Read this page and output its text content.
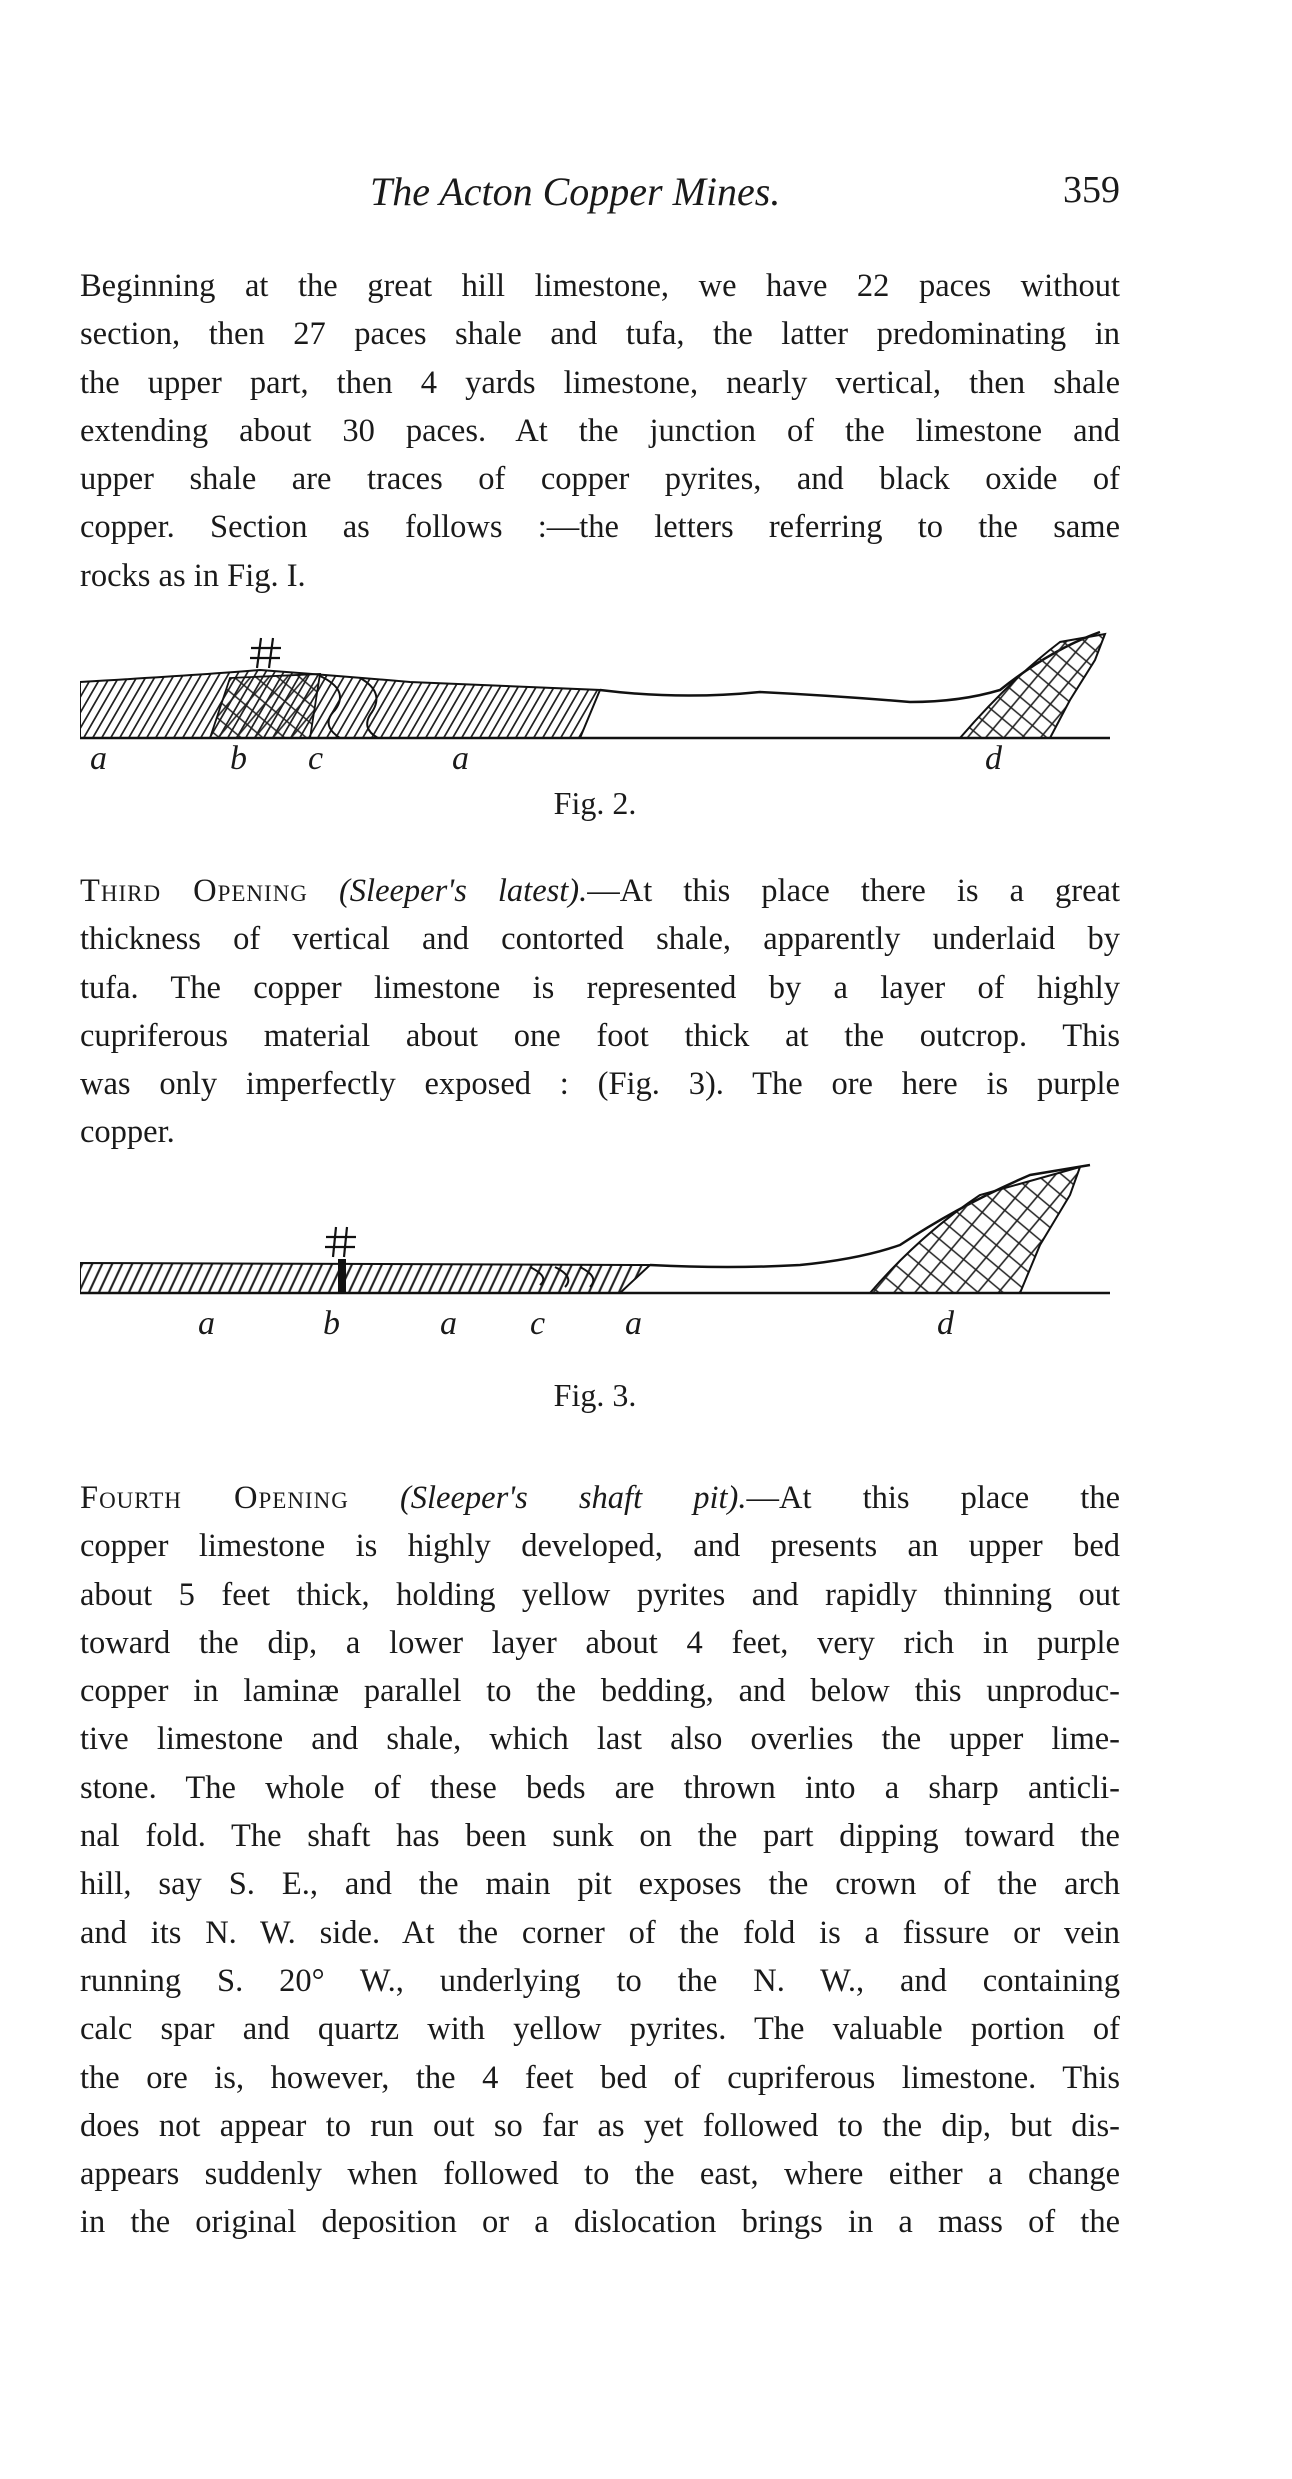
The Acton Copper Mines.	359
Beginning at the great hill limestone, we have 22 paces without
section, then 27 paces shale and tufa, the latter predominating in
the upper part, then 4 yards limestone, nearly vertical, then shale
extending about 30 paces. At the junction of the limestone and
upper shale are traces of copper pyrites, and black oxide of
copper. Section as follows :—the letters referring to the same
rocks as in Fig. I.
a	b c	a	d
Fig. 2.
Third Opening (Sleeper's latest).—At this place there is a great
thickness of vertical and contorted shale, apparently underlaid by
tufa. The copper limestone is represented by a layer of highly
cupriferous material about one foot thick at the outcrop. This
was only imperfectly exposed : (Fig. 3). The ore here is purple
copper.
a	b	a c a	d
Fig. 3.
Fourth Opening (Sleeper's shaft pit).—At this place the
copper limestone is highly developed, and presents an upper bed
about 5 feet thick, holding yellow pyrites and rapidly thinning out
toward the dip, a lower layer about 4 feet, very rich in purple
copper in laminæ parallel to the bedding, and below this unproduc-
tive limestone and shale, which last also overlies the upper lime-
stone. The whole of these beds are thrown into a sharp anticli-
nal fold. The shaft has been sunk on the part dipping toward the
hill, say S. E., and the main pit exposes the crown of the arch
and its N. W. side. At the corner of the fold is a fissure or vein
running S. 20° W., underlying to the N. W., and containing
calc spar and quartz with yellow pyrites. The valuable portion of
the ore is, however, the 4 feet bed of cupriferous limestone. This
does not appear to run out so far as yet followed to the dip, but dis-
appears suddenly when followed to the east, where either a change
in the original deposition or a dislocation brings in a mass of the
